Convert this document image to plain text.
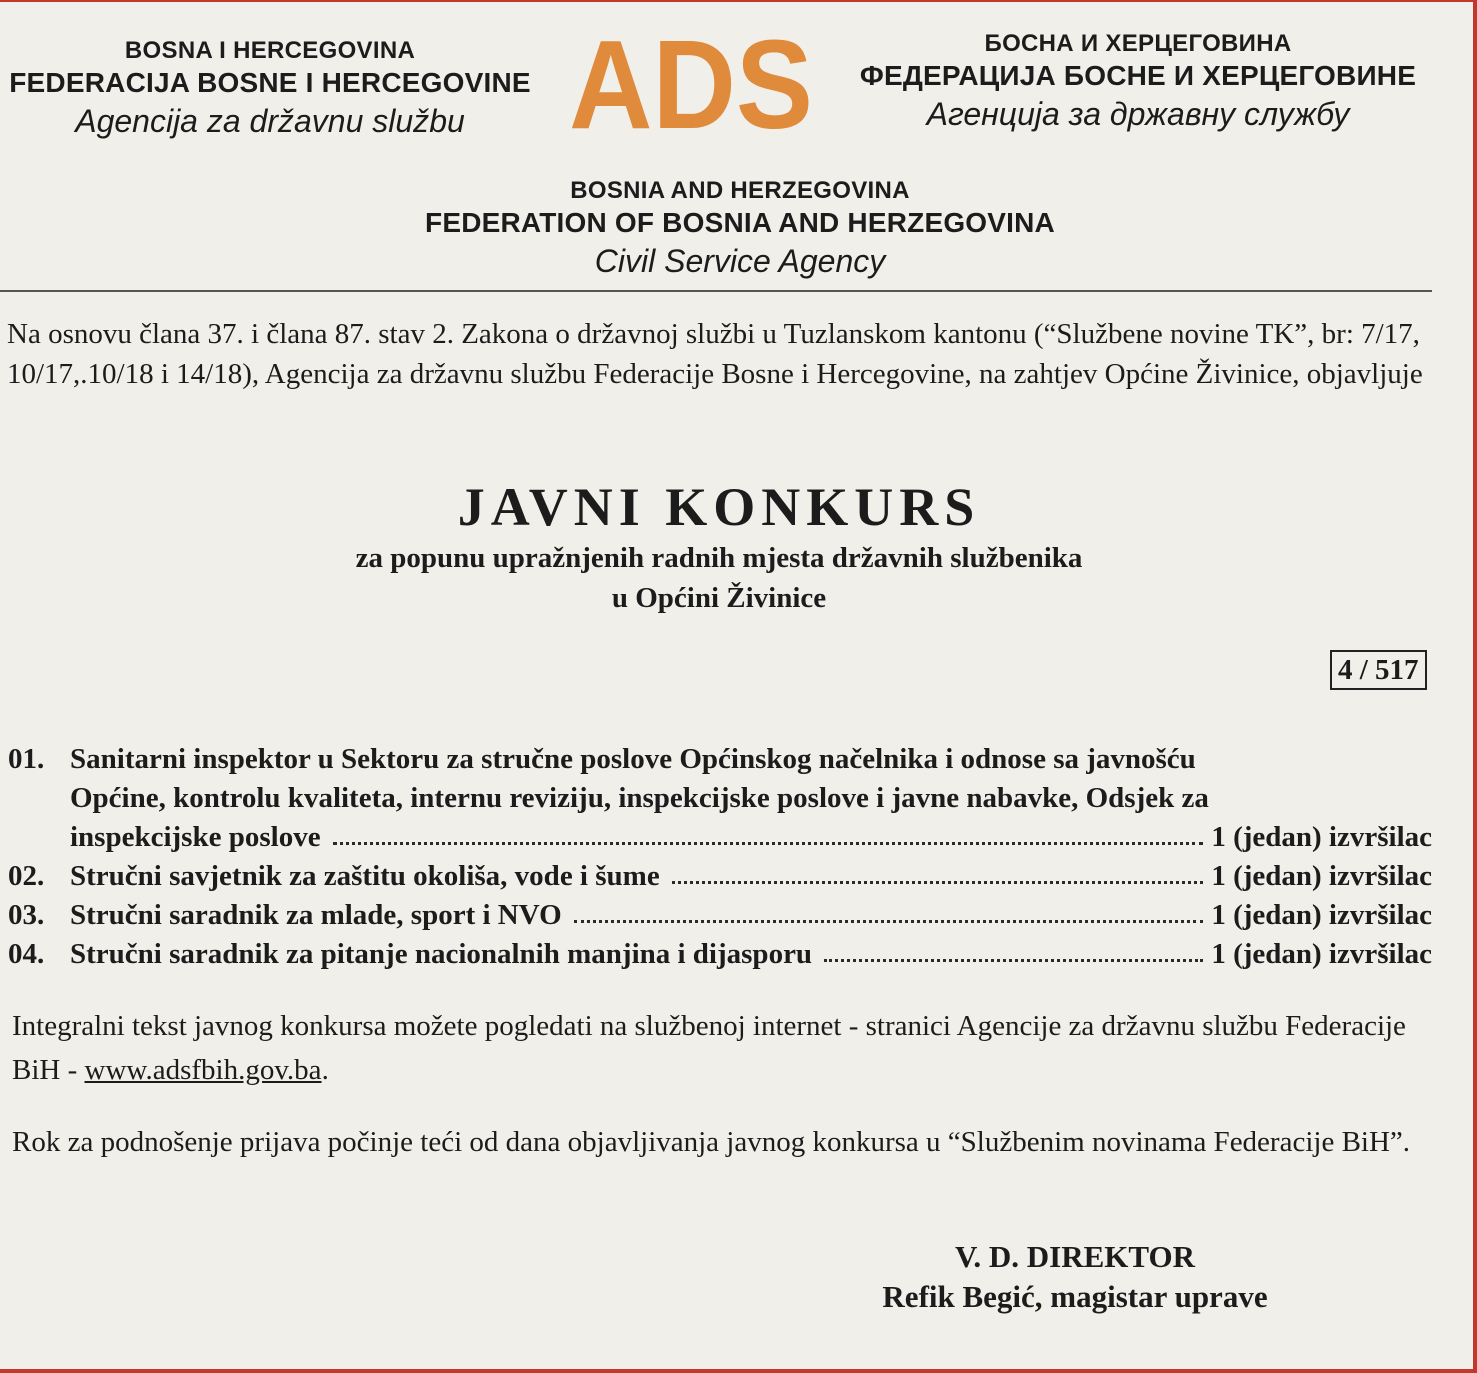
BOSNA I HERCEGOVINA
FEDERACIJA BOSNE I HERCEGOVINE
Agencija za državnu službu ADS	БОСНА И ХЕРЦЕГОВИНА
ФЕДЕРАЦИЈА БОСНЕ И ХЕРЦЕГОВИНЕ
Агенција за државну службу
BOSNIA AND HERZEGOVINA
FEDERATION OF BOSNIA AND HERZEGOVINA
Civil Service Agency
Na osnovu člana 37. i člana 87. stav 2. Zakona o državnoj službi u Tuzlanskom kantonu (“Službene novine TK”, br: 7/17, 10/17,.10/18 i 14/18), Agencija za državnu službu Federacije Bosne i Hercegovine, na zahtjev Općine Živinice, objavljuje
JAVNI KONKURS
za popunu upražnjenih radnih mjesta državnih službenika
u Općini Živinice
4 / 517
01. Sanitarni inspektor u Sektoru za stručne poslove Općinskog načelnika i odnose sa javnošću
Općine, kontrolu kvaliteta, internu reviziju, inspekcijske poslove i javne nabavke, Odsjek za
inspekcijske poslove	1 (jedan) izvršilac
02. Stručni savjetnik za zaštitu okoliša, vode i šume	1 (jedan) izvršilac
03. Stručni saradnik za mlade, sport i NVO	1 (jedan) izvršilac
04. Stručni saradnik za pitanje nacionalnih manjina i dijasporu	1 (jedan) izvršilac
Integralni tekst javnog konkursa možete pogledati na službenoj internet - stranici Agencije za državnu službu Federacije BiH - www.adsfbih.gov.ba.
Rok za podnošenje prijava počinje teći od dana objavljivanja javnog konkursa u “Službenim novinama Federacije BiH”.
V. D. DIREKTOR
Refik Begić, magistar uprave
